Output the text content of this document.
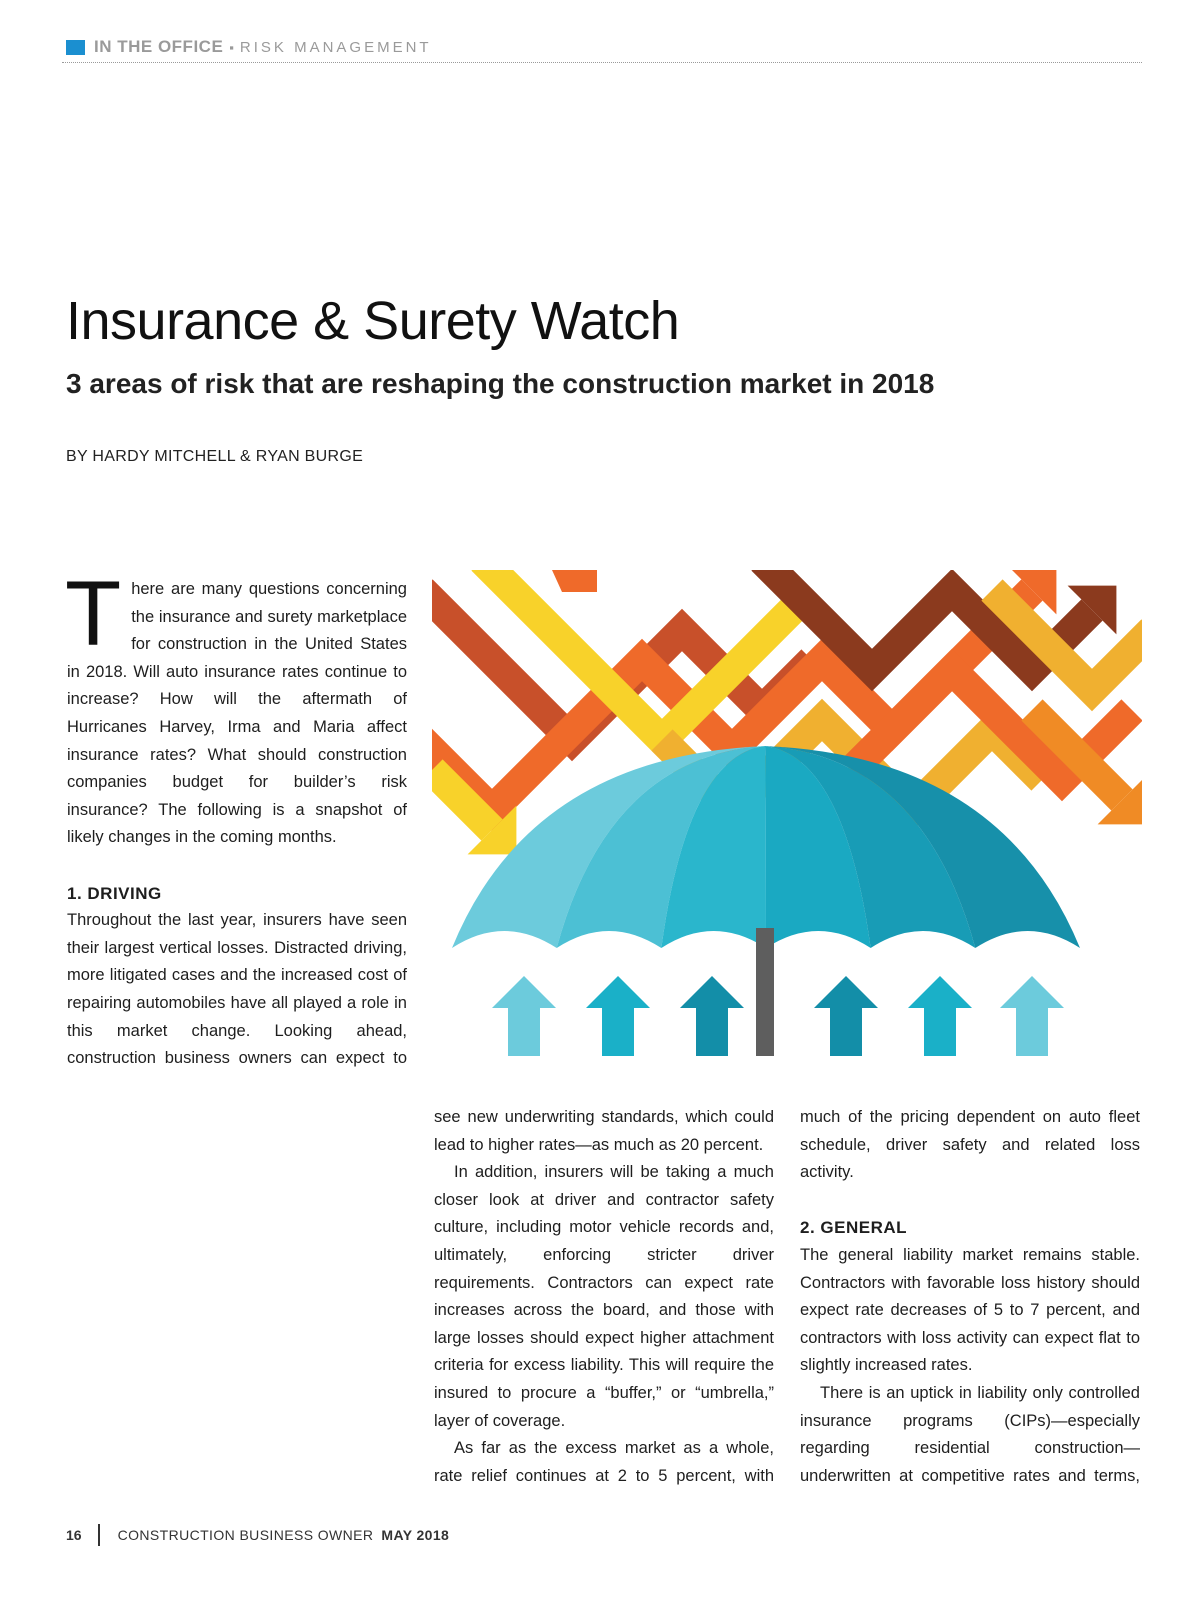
IN THE OFFICE ▪ RISK MANAGEMENT
Insurance & Surety Watch
3 areas of risk that are reshaping the construction market in 2018
BY HARDY MITCHELL & RYAN BURGE

There are many questions concerning the insurance and surety marketplace for construction in the United States in 2018. Will auto insurance rates continue to increase? How will the aftermath of Hurricanes Harvey, Irma and Maria affect insurance rates? What should construction companies budget for builder’s risk insurance? The following is a snapshot of likely changes in the coming months.

1. DRIVING

Throughout the last year, insurers have seen their largest vertical losses. Distracted driving, more litigated cases and the increased cost of repairing automobiles have all played a role in this market change. Looking ahead, construction business owners can expect to

see new underwriting standards, which could lead to higher rates—as much as 20 percent.

In addition, insurers will be taking a much closer look at driver and contractor safety culture, including motor vehicle records and, ultimately, enforcing stricter driver requirements. Contractors can expect rate increases across the board, and those with large losses should expect higher attachment criteria for excess liability. This will require the insured to procure a “buffer,” or “umbrella,” layer of coverage.

As far as the excess market as a whole, rate relief continues at 2 to 5 percent, with

much of the pricing dependent on auto fleet schedule, driver safety and related loss activity.

2. GENERAL

The general liability market remains stable. Contractors with favorable loss history should expect rate decreases of 5 to 7 percent, and contractors with loss activity can expect flat to slightly increased rates.

There is an uptick in liability only controlled insurance programs (CIPs)—especially regarding residential construction—underwritten at competitive rates and terms,

16	CONSTRUCTION BUSINESS OWNER MAY 2018
